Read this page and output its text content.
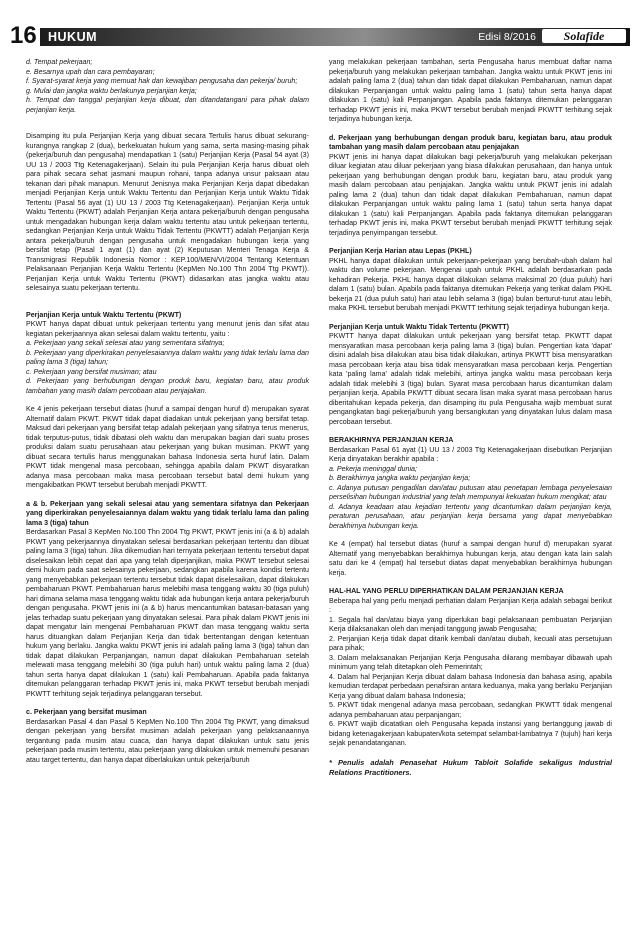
16 HUKUM	Edisi 8/2016	Solafide
d. Tempat pekerjaan;
e. Besarnya upah dan cara pembayaran;
f. Syarat-syarat kerja yang memuat hak dan kewajiban pengusaha dan pekerja/ buruh;
g. Mulai dan jangka waktu berlakunya perjanjian kerja;
h. Tempat dan tanggal perjanjian kerja dibuat, dan ditandatangani para pihak dalam perjanjian kerja.

Disamping itu pula Perjanjian Kerja yang dibuat secara Tertulis harus dibuat sekurang-kurangnya rangkap 2 (dua), berkekuatan hukum yang sama, serta masing-masing pihak (pekerja/buruh dan pengusaha) mendapatkan 1 (satu) Perjanjian Kerja (Pasal 54 ayat (3) UU 13 / 2003 Ttg Ketenagakerjaan). Selain itu pula Perjanjian Kerja harus dibuat oleh para pihak secara sehat jasmani maupun rohani, tanpa adanya unsur paksaan atau tekanan dari pihak manapun. Menurut Jenisnya maka Perjanjian Kerja dapat dibedakan menjadi Perjanjian Kerja untuk Waktu Tertentu dan Perjanjian Kerja untuk Waktu Tidak Tertentu (Pasal 56 ayat (1) UU 13 / 2003 Ttg Ketenagakerjaan). Perjanjian Kerja untuk Waktu Tertentu (PKWT) adalah Perjanjian Kerja antara pekerja/buruh dengan pengusaha untuk mengadakan hubungan kerja dalam waktu tertentu atau untuk pekerjaan tertentu, sedangkan Perjanjian Kerja untuk Waktu Tidak Tertentu (PKWTT) adalah Perjanjian Kerja antara pekerja/buruh dengan pengusaha untuk mengadakan hubungan kerja yang bersifat tetap (Pasal 1 ayat (1) dan ayat (2) Keputusan Menteri Tenaga Kerja & Transmigrasi Republik Indonesia Nomor : KEP.100/MEN/VI/2004 Tentang Ketentuan Pelaksanaan Perjanjian Kerja Waktu Tertentu (KepMen No.100 Thn 2004 Ttg PKWT)). Perjanjian Kerja untuk Waktu Tertentu (PKWT) didasarkan atas jangka waktu atau selesainya suatu pekerjaan tertentu.

Perjanjian Kerja untuk Waktu Tertentu (PKWT)
PKWT hanya dapat dibuat untuk pekerjaan tertentu yang menurut jenis dan sifat atau kegiatan pekerjaannya akan selesai dalam waktu tertentu, yaitu :
a. Pekerjaan yang sekali selesai atau yang sementara sifatnya;
b. Pekerjaan yang diperkirakan penyelesaiannya dalam waktu yang tidak terlalu lama dan paling lama 3 (tiga) tahun;
c. Pekerjaan yang bersifat musiman; atau
d. Pekerjaan yang berhubungan dengan produk baru, kegiatan baru, atau produk tambahan yang masih dalam percobaan atau penjajakan.

Ke 4 jenis pekerjaan tersebut diatas (huruf a sampai dengan huruf d) merupakan syarat Alternatif dalam PKWT. PKWT tidak dapat diadakan untuk pekerjaan yang bersifat tetap. Maksud dari pekerjaan yang bersifat tetap adalah pekerjaan yang sifatnya terus menerus, tidak terputus-putus, tidak dibatasi oleh waktu dan merupakan bagian dari suatu proses produksi dalam suatu perusahaan atau pekerjaan yang bukan musiman. PKWT yang dibuat secara tertulis harus menggunakan bahasa Indonesia serta huruf latin. Dalam PKWT tidak mengenal masa percobaan, sehingga apabila dalam PKWT disyaratkan adanya masa percobaan maka masa percobaan tersebut batal demi hukum yang mengakibatkan PKWT tersebut berubah menjadi PKWTT.

a & b. Pekerjaan yang sekali selesai atau yang sementara sifatnya dan Pekerjaan yang diperkirakan penyelesaiannya dalam waktu yang tidak terlalu lama dan paling lama 3 (tiga) tahun

Berdasarkan Pasal 3 KepMen No.100 Thn 2004 Ttg PKWT, PKWT jenis ini (a & b) adalah PKWT yang pekerjaannya dinyatakan selesai berdasarkan pekerjaan tertentu dan dibuat paling lama 3 (tiga) tahun. Jika dikemudian hari ternyata pekerjaan tertentu tersebut dapat diselesaikan lebih cepat dari apa yang telah diperjanjikan, maka PKWT tersebut selesai demi hukum pada saat selesainya pekerjaan, sedangkan apabila karena kondisi tertentu yang menyebabkan pekerjaan tertentu tersebut tidak dapat diselesaikan, dapat dilakukan pembaharuan PKWT. Pembaharuan harus melebihi masa tenggang waktu 30 (tiga puluh) hari dimana selama masa tenggang waktu tidak ada hubungan kerja antara pekerja/buruh dengan pengusaha. PKWT jenis ini (a & b) harus mencantumkan batasan-batasan yang jelas terhadap suatu pekerjaan yang dinyatakan selesai. Para pihak dalam PKWT jenis ini dapat mengatur lain mengenai Pembaharuan PKWT dan masa tenggang waktu serta harus dituangkan dalam Perjanjian Kerja dan tidak bertentangan dengan ketentuan hukum yang berlaku. Jangka waktu PKWT jenis ini adalah paling lama 3 (tiga) tahun dan tidak dapat dilakukan Perpanjangan, namun dapat dilakukan Pembaharuan setelah melewati masa tenggang melebihi 30 (tiga puluh hari) untuk waktu paling lama 2 (dua) tahun serta hanya dapat dilakukan 1 (satu) kali Pembaharuan. Apabila pada faktanya ditemukan pelanggaran terhadap PKWT jenis ini, maka PKWT tersebut berubah menjadi PKWTT terhitung sejak terjadinya pelanggaran tersebut.

c. Pekerjaan yang bersifat musiman

Berdasarkan Pasal 4 dan Pasal 5 KepMen No.100 Thn 2004 Ttg PKWT, yang dimaksud dengan pekerjaan yang bersifat musiman adalah pekerjaan yang pelaksanaannya tergantung pada musim atau cuaca, dan hanya dapat dilakukan untuk satu jenis pekerjaan pada musim tertentu, atau pekerjaan yang dilakukan untuk memenuhi pesanan atau target tertentu, dan hanya dapat diberlakukan untuk pekerja/buruh

yang melakukan pekerjaan tambahan, serta Pengusaha harus membuat daftar nama pekerja/buruh yang melakukan pekerjaan tambahan. Jangka waktu untuk PKWT jenis ini adalah paling lama 2 (dua) tahun dan tidak dapat dilakukan Pembaharuan, namun dapat dilakukan Perpanjangan untuk waktu paling lama 1 (satu) tahun serta hanya dapat dilakukan 1 (satu) kali Perpanjangan. Apabila pada faktanya ditemukan pelanggaran terhadap PKWT jenis ini, maka PKWT tersebut berubah menjadi PKWTT terhitung sejak terjadinya hubungan kerja.

d. Pekerjaan yang berhubungan dengan produk baru, kegiatan baru, atau produk tambahan yang masih dalam percobaan atau penjajakan

PKWT jenis ini hanya dapat dilakukan bagi pekerja/buruh yang melakukan pekerjaan diluar kegiatan atau diluar pekerjaan yang biasa dilakukan perusahaan, dan hanya untuk pekerjaan yang berhubungan dengan produk baru, kegiatan baru, atau produk yang masih dalam percobaan atau penjajakan. Jangka waktu untuk PKWT jenis ini adalah paling lama 2 (dua) tahun dan tidak dapat dilakukan Pembaharuan, namun dapat dilakukan Perpanjangan untuk waktu paling lama 1 (satu) tahun serta hanya dapat dilakukan 1 (satu) kali Perpanjangan. Apabila pada faktanya ditemukan pelanggaran terhadap PKWT jenis ini, maka PKWT tersebut berubah menjadi PKWTT terhitung sejak terjadinya penyimpangan tersebut.

Perjanjian Kerja Harian atau Lepas (PKHL)

PKHL hanya dapat dilakukan untuk pekerjaan-pekerjaan yang berubah-ubah dalam hal waktu dan volume pekerjaan. Mengenai upah untuk PKHL adalah berdasarkan pada kehadiran Pekerja. PKHL hanya dapat dilakukan selama maksimal 20 (dua puluh) hari dalam 1 (satu) bulan. Apabila pada faktanya ditemukan Pekerja yang terikat dalam PKHL bekerja 21 (dua puluh satu) hari atau lebih selama 3 (tiga) bulan berturut-turut atau lebih, maka PKHL tersebut berubah menjadi PKWTT terhitung sejak terjadinya hubungan kerja.

Perjanjian Kerja untuk Waktu Tidak Tertentu (PKWTT)

PKWTT hanya dapat dilakukan untuk pekerjaan yang bersifat tetap. PKWTT dapat mensyaratkan masa percobaan kerja paling lama 3 (tiga) bulan. Pengertian kata 'dapat' disini adalah bisa dilakukan atau bisa tidak dilakukan, artinya PKWTT bisa mensyaratkan masa percobaan kerja atau bisa tidak mensyaratkan masa percobaan kerja. Pengertian kata 'paling lama' adalah tidak melebihi, artinya jangka waktu masa percobaan kerja adalah tidak melebihi 3 (tiga) bulan. Syarat masa percobaan harus dicantumkan dalam perjanjian kerja. Apabila PKWTT dibuat secara lisan maka syarat masa percobaan harus diberitahukan kepada pekerja, dan disamping itu pula Pengusaha wajib membuat surat pengangkatan bagi pekerja/buruh yang bersangkutan yang dinyatakan lulus dalam masa percobaan tersebut.

BERAKHIRNYA PERJANJIAN KERJA
Berdasarkan Pasal 61 ayat (1) UU 13 / 2003 Ttg Ketenagakerjaan disebutkan Perjanjian Kerja dinyatakan berakhir apabila :
a. Pekerja meninggal dunia;
b. Berakhirnya jangka waktu perjanjian kerja;
c. Adanya putusan pengadilan dan/atau putusan atau penetapan lembaga penyelesaian perselisihan hubungan industrial yang telah mempunyai kekuatan hukum mengikat; atau
d. Adanya keadaan atau kejadian tertentu yang dicantumkan dalam perjanjian kerja, peraturan perusahaan, atau perjanjian kerja bersama yang dapat menyebabkan berakhirnya hubungan kerja.

Ke 4 (empat) hal tersebut diatas (huruf a sampai dengan huruf d) merupakan syarat Alternatif yang menyebabkan berakhirnya hubungan kerja, atau dengan kata lain salah satu dari ke 4 (empat) hal tersebut diatas dapat menyebabkan berakhirnya hubungan kerja.

HAL-HAL YANG PERLU DIPERHATIKAN DALAM PERJANJIAN KERJA
Beberapa hal yang perlu menjadi perhatian dalam Perjanjian Kerja adalah sebagai berikut :
1. Segala hal dan/atau biaya yang diperlukan bagi pelaksanaan pembuatan Perjanjian Kerja dilaksanakan oleh dan menjadi tanggung jawab Pengusaha;
2. Perjanjian Kerja tidak dapat ditarik kembali dan/atau diubah, kecuali atas persetujuan para pihak;
3. Dalam melaksanakan Perjanjian Kerja Pengusaha dilarang membayar dibawah upah minimum yang telah ditetapkan oleh Pemerintah;
4. Dalam hal Perjanjian Kerja dibuat dalam bahasa Indonesia dan bahasa asing, apabila kemudian terdapat perbedaan penafsiran antara keduanya, maka yang berlaku Perjanjian Kerja yang dibuat dalam bahasa Indonesia;
5. PKWT tidak mengenal adanya masa percobaan, sedangkan PKWTT tidak mengenal adanya pembaharuan atau perpanjangan;
6. PKWT wajib dicatatkan oleh Pengusaha kepada instansi yang bertanggung jawab di bidang ketenagakerjaan kabupaten/kota setempat selambat-lambatnya 7 (tujuh) hari kerja sejak penandatanganan.
* Penulis adalah Penasehat Hukum Tabloit Solafide sekaligus Industrial Relations Practitioners.
